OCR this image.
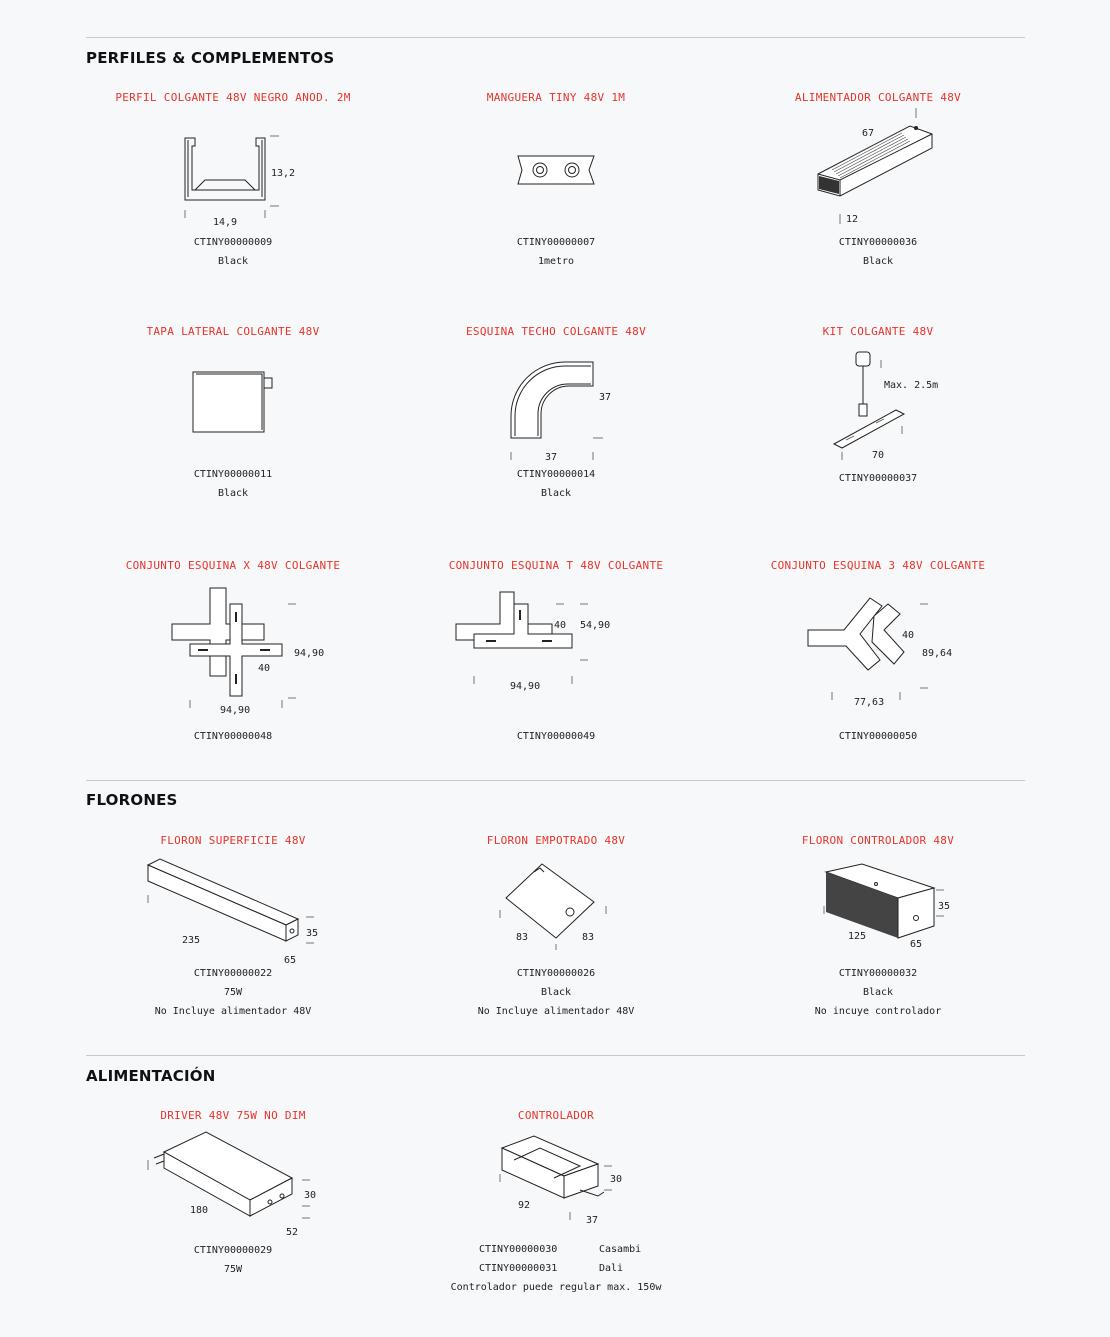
PERFILES & COMPLEMENTOS
PERFIL COLGANTE 48V NEGRO ANOD. 2M
CTINY00000009
Black
13,2
14,9
MANGUERA TINY 48V 1M
CTINY00000007
1metro
ALIMENTADOR COLGANTE 48V
CTINY00000036
Black
67
12
TAPA LATERAL COLGANTE 48V
CTINY00000011
Black
ESQUINA TECHO COLGANTE 48V
CTINY00000014
Black
37
37
KIT COLGANTE 48V
CTINY00000037
Max. 2.5m
70
CONJUNTO ESQUINA X 48V COLGANTE
CTINY00000048
94,90
40
94,90
CONJUNTO ESQUINA T 48V COLGANTE
CTINY00000049
40 54,90
94,90
CONJUNTO ESQUINA 3 48V COLGANTE
CTINY00000050
40
89,64
77,63
FLORONES
FLORON SUPERFICIE 48V
CTINY00000022
75W
No Incluye alimentador 48V
235
35
65
FLORON EMPOTRADO 48V
CTINY00000026
Black
No Incluye alimentador 48V
83	83
FLORON CONTROLADOR 48V
CTINY00000032
Black
No incuye controlador
35
125
65
ALIMENTACIÓN
DRIVER 48V 75W NO DIM
CTINY00000029
75W
30
180
52
CONTROLADOR
30
92
37
CTINY00000030	Casambi
CTINY00000031	Dali
Controlador puede regular max. 150w
